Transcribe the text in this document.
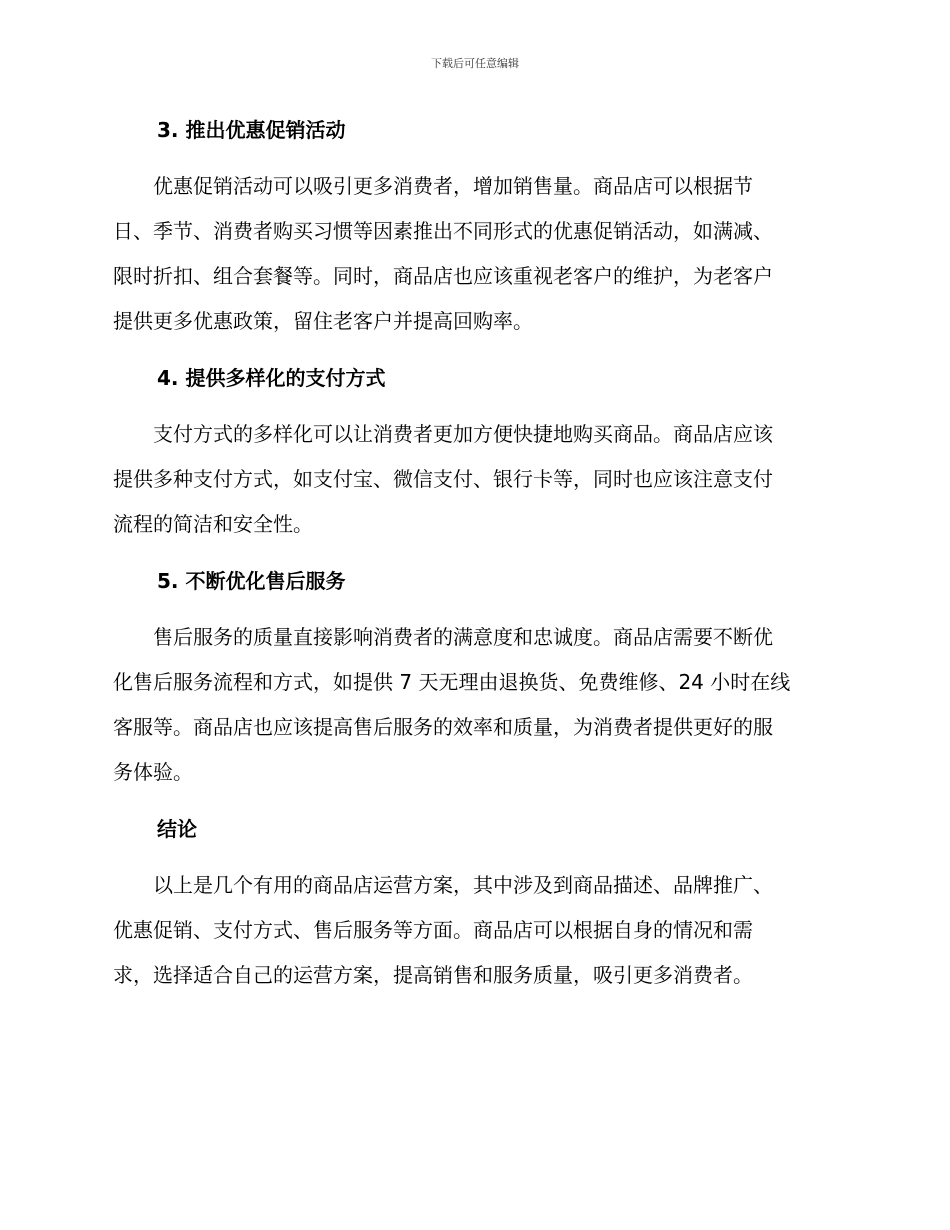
下载后可任意编辑
3. 推出优惠促销活动
优惠促销活动可以吸引更多消费者，增加销售量。商品店可以根据节
日、季节、消费者购买习惯等因素推出不同形式的优惠促销活动，如满减、
限时折扣、组合套餐等。同时，商品店也应该重视老客户的维护，为老客户
提供更多优惠政策，留住老客户并提高回购率。
4. 提供多样化的支付方式
支付方式的多样化可以让消费者更加方便快捷地购买商品。商品店应该
提供多种支付方式，如支付宝、微信支付、银行卡等，同时也应该注意支付
流程的简洁和安全性。
5. 不断优化售后服务
售后服务的质量直接影响消费者的满意度和忠诚度。商品店需要不断优
化售后服务流程和方式，如提供 7 天无理由退换货、免费维修、24 小时在线
客服等。商品店也应该提高售后服务的效率和质量，为消费者提供更好的服
务体验。
结论
以上是几个有用的商品店运营方案，其中涉及到商品描述、品牌推广、
优惠促销、支付方式、售后服务等方面。商品店可以根据自身的情况和需
求，选择适合自己的运营方案，提高销售和服务质量，吸引更多消费者。
